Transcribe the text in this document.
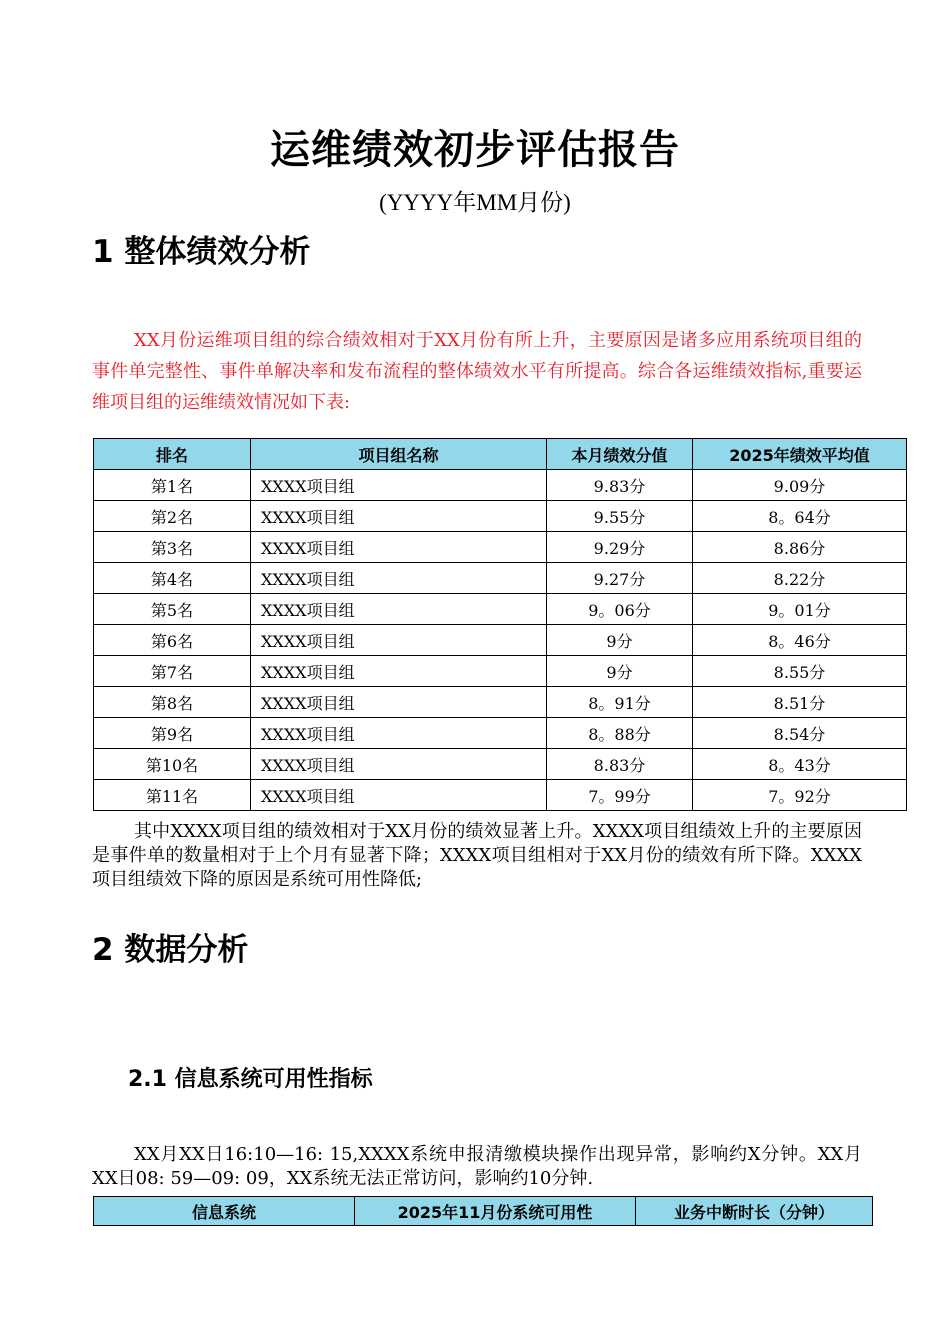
运维绩效初步评估报告
(YYYY年MM月份)
1 整体绩效分析
XX月份运维项目组的综合绩效相对于XX月份有所上升，主要原因是诸多应用系统项目组的事件单完整性、事件单解决率和发布流程的整体绩效水平有所提高。综合各运维绩效指标,重要运维项目组的运维绩效情况如下表:
排名	项目组名称	本月绩效分值	2025年绩效平均值
第1名	XXXX项目组	9.83分	9.09分
第2名	XXXX项目组	9.55分	8。64分
第3名	XXXX项目组	9.29分	8.86分
第4名	XXXX项目组	9.27分	8.22分
第5名	XXXX项目组	9。06分	9。01分
第6名	XXXX项目组	9分	8。46分
第7名	XXXX项目组	9分	8.55分
第8名	XXXX项目组	8。91分	8.51分
第9名	XXXX项目组	8。88分	8.54分
第10名	XXXX项目组	8.83分	8。43分
第11名	XXXX项目组	7。99分	7。92分
其中XXXX项目组的绩效相对于XX月份的绩效显著上升。XXXX项目组绩效上升的主要原因是事件单的数量相对于上个月有显著下降；XXXX项目组相对于XX月份的绩效有所下降。XXXX项目组绩效下降的原因是系统可用性降低;
2 数据分析
2.1 信息系统可用性指标
XX月XX日16:10—16: 15,XXXX系统申报清缴模块操作出现异常，影响约X分钟。XX月XX日08: 59—09: 09，XX系统无法正常访问，影响约10分钟.
信息系统	2025年11月份系统可用性	业务中断时长（分钟）
